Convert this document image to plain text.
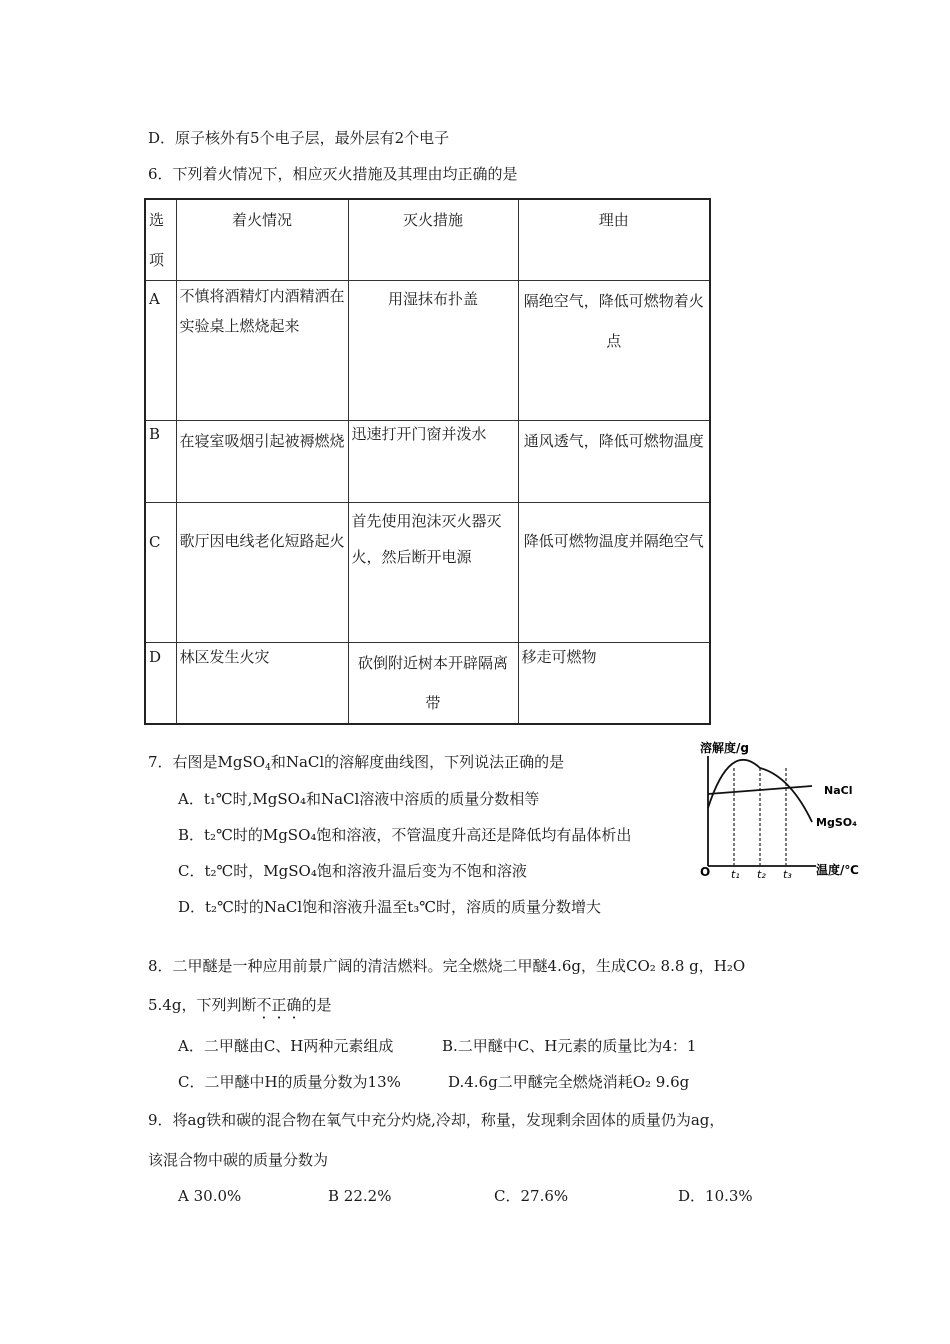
D．原子核外有5个电子层，最外层有2个电子
6．下列着火情况下，相应灭火措施及其理由均正确的是
选项	着火情况	灭火措施	理由
A	不慎将酒精灯内酒精洒在实验桌上燃烧起来	用湿抹布扑盖	隔绝空气，降低可燃物着火点
B	在寝室吸烟引起被褥燃烧	迅速打开门窗并泼水	通风透气，降低可燃物温度
C	歌厅因电线老化短路起火	首先使用泡沫灭火器灭火，然后断开电源	降低可燃物温度并隔绝空气
D	林区发生火灾	砍倒附近树本开辟隔离带	移走可燃物
7．右图是MgSO$_4$和NaCl的溶解度曲线图，下列说法正确的是
A．t₁℃时,MgSO₄和NaCl溶液中溶质的质量分数相等
B．t₂℃时的MgSO₄饱和溶液，不管温度升高还是降低均有晶体析出
C．t₂℃时，MgSO₄饱和溶液升温后变为不饱和溶液
D．t₂℃时的NaCl饱和溶液升温至t₃℃时，溶质的质量分数增大
溶解度/g
温度/℃
O t₁ t₂ t₃
NaCl
MgSO₄
8．二甲醚是一种应用前景广阔的清洁燃料。完全燃烧二甲醚4.6g，生成CO₂ 8.8 g，H₂O
5.4g，下列判断不正确的是
A．二甲醚由C、H两种元素组成	B.二甲醚中C、H元素的质量比为4：1
C．二甲醚中H的质量分数为13%	D.4.6g二甲醚完全燃烧消耗O₂ 9.6g
9．将ag铁和碳的混合物在氧气中充分灼烧,冷却，称量，发现剩余固体的质量仍为ag，
该混合物中碳的质量分数为
A 30.0%	B 22.2%	C．27.6%	D．10.3%
